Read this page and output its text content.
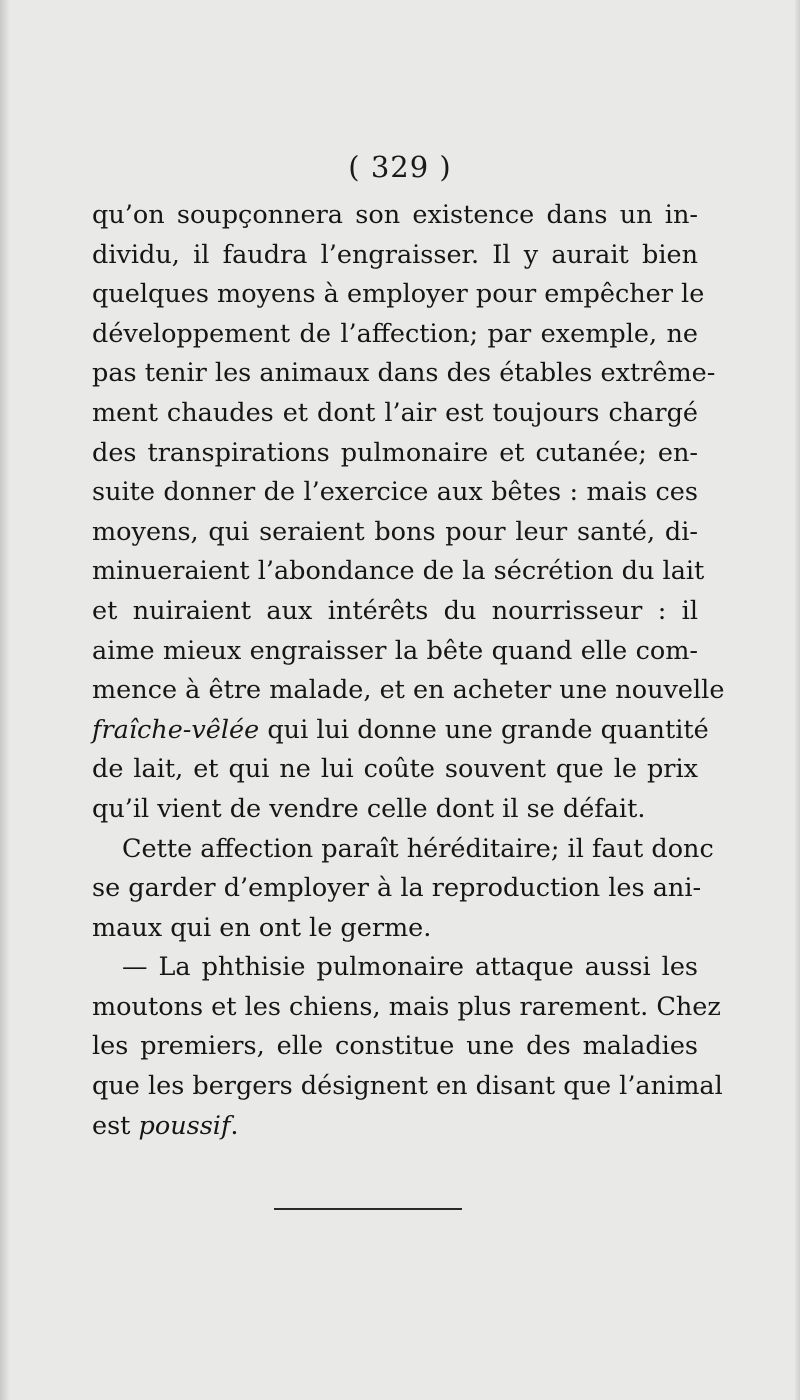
( 329 )
qu’on soupçonnera son existence dans un in-
dividu, il faudra l’engraisser. Il y aurait bien
quelques moyens à employer pour empêcher le
développement de l’affection; par exemple, ne
pas tenir les animaux dans des étables extrême-
ment chaudes et dont l’air est toujours chargé
des transpirations pulmonaire et cutanée; en-
suite donner de l’exercice aux bêtes : mais ces
moyens, qui seraient bons pour leur santé, di-
minueraient l’abondance de la sécrétion du lait
et nuiraient aux intérêts du nourrisseur : il
aime mieux engraisser la bête quand elle com-
mence à être malade, et en acheter une nouvelle
fraîche-vêlée qui lui donne une grande quantité
de lait, et qui ne lui coûte souvent que le prix
qu’il vient de vendre celle dont il se défait.
Cette affection paraît héréditaire; il faut donc
se garder d’employer à la reproduction les ani-
maux qui en ont le germe.
— La phthisie pulmonaire attaque aussi les
moutons et les chiens, mais plus rarement. Chez
les premiers, elle constitue une des maladies
que les bergers désignent en disant que l’animal
est poussif.
